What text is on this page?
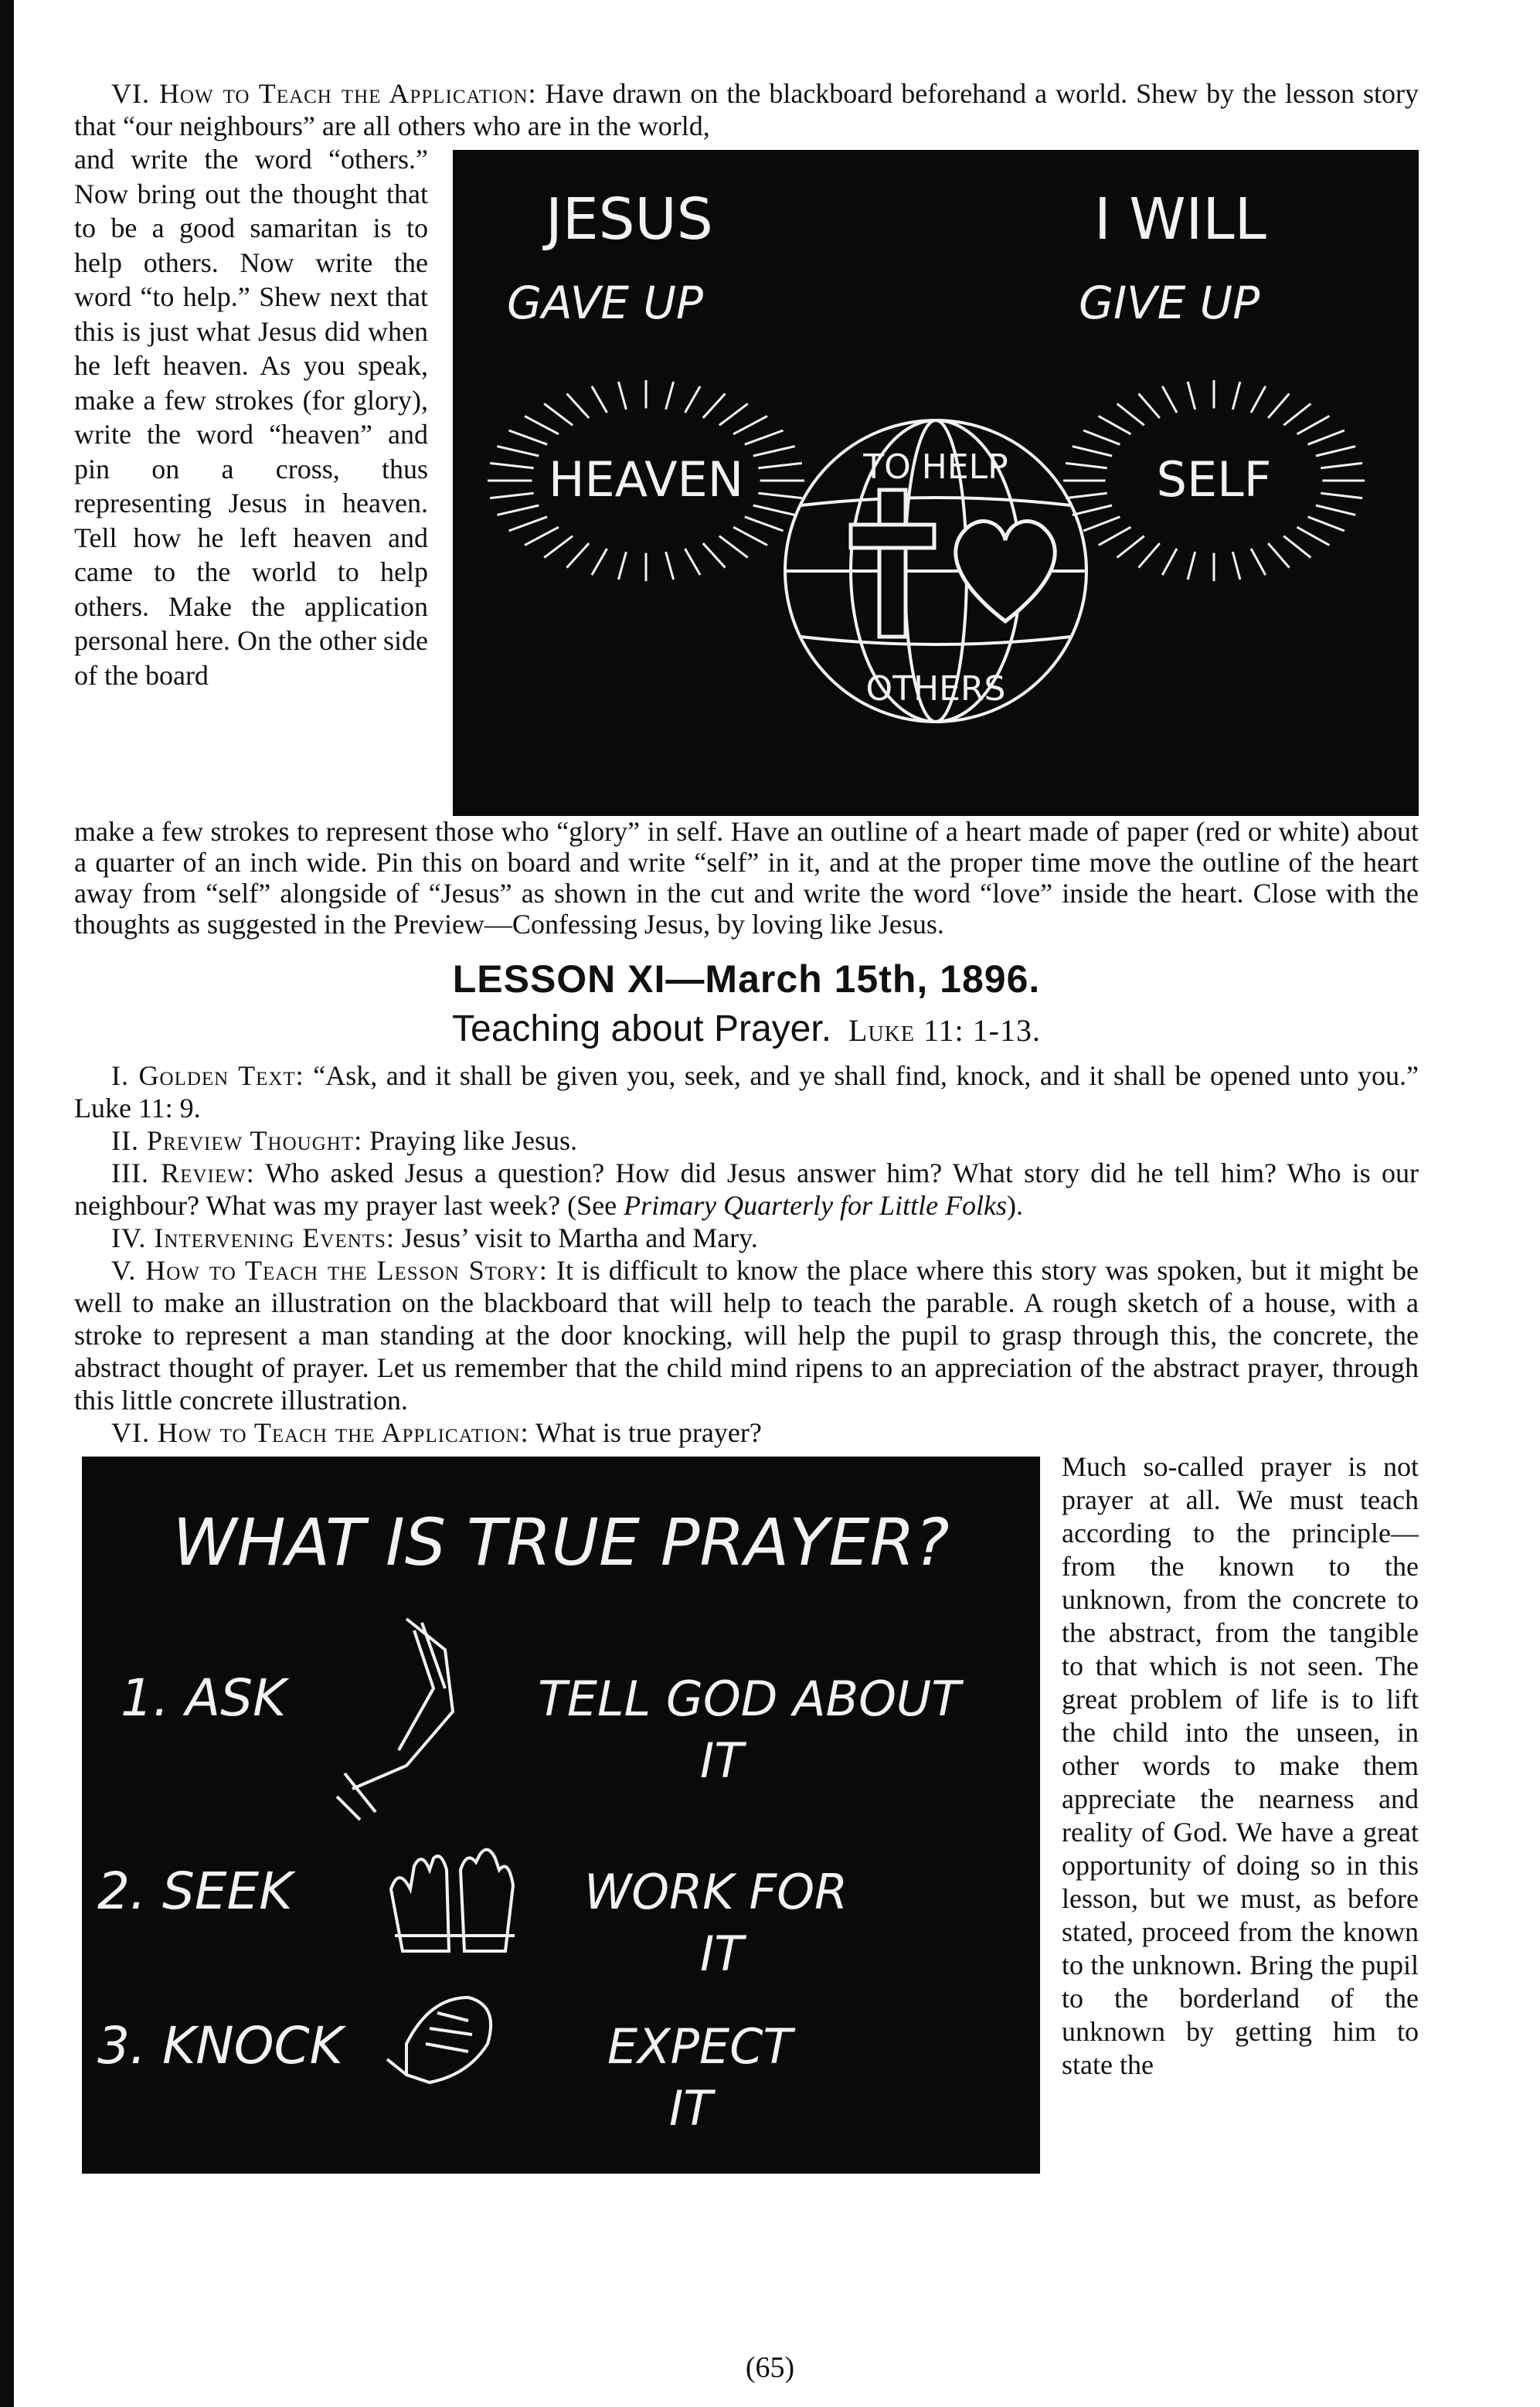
VI. How to Teach the Application: Have drawn on the blackboard beforehand a world. Shew by the lesson story that “our neighbours” are all others who are in the world,

and write the word “others.” Now bring out the thought that to be a good samaritan is to help others. Now write the word “to help.” Shew next that this is just what Jesus did when he left heaven. As you speak, make a few strokes (for glory), write the word “heaven” and pin on a cross, thus representing Jesus in heaven. Tell how he left heaven and came to the world to help others. Make the application personal here. On the other side of the board

JESUS
GAVE UP
I WILL
GIVE UP
HEAVEN	SELF
TO HELP
OTHERS

make a few strokes to represent those who “glory” in self. Have an outline of a heart made of paper (red or white) about a quarter of an inch wide. Pin this on board and write “self” in it, and at the proper time move the outline of the heart away from “self” alongside of “Jesus” as shown in the cut and write the word “love” inside the heart. Close with the thoughts as suggested in the Preview—Confessing Jesus, by loving like Jesus.

LESSON XI—March 15th, 1896.
Teaching about Prayer. Luke 11: 1-13.

I. Golden Text: “Ask, and it shall be given you, seek, and ye shall find, knock, and it shall be opened unto you.” Luke 11: 9.

II. Preview Thought: Praying like Jesus.

III. Review: Who asked Jesus a question? How did Jesus answer him? What story did he tell him? Who is our neighbour? What was my prayer last week? (See Primary Quarterly for Little Folks).

IV. Intervening Events: Jesus’ visit to Martha and Mary.

V. How to Teach the Lesson Story: It is difficult to know the place where this story was spoken, but it might be well to make an illustration on the blackboard that will help to teach the parable. A rough sketch of a house, with a stroke to represent a man standing at the door knocking, will help the pupil to grasp through this, the concrete, the abstract thought of prayer. Let us remember that the child mind ripens to an appreciation of the abstract prayer, through this little concrete illustration.

VI. How to Teach the Application: What is true prayer?

WHAT IS TRUE PRAYER?
1. ASK	TELL GOD ABOUT
IT
2. SEEK	WORK FOR
IT
3. KNOCK	EXPECT
IT

Much so-called prayer is not prayer at all. We must teach according to the principle—from the known to the unknown, from the concrete to the abstract, from the tangible to that which is not seen. The great problem of life is to lift the child into the unseen, in other words to make them appreciate the nearness and reality of God. We have a great opportunity of doing so in this lesson, but we must, as before stated, proceed from the known to the unknown. Bring the pupil to the borderland of the unknown by getting him to state the

(65)
